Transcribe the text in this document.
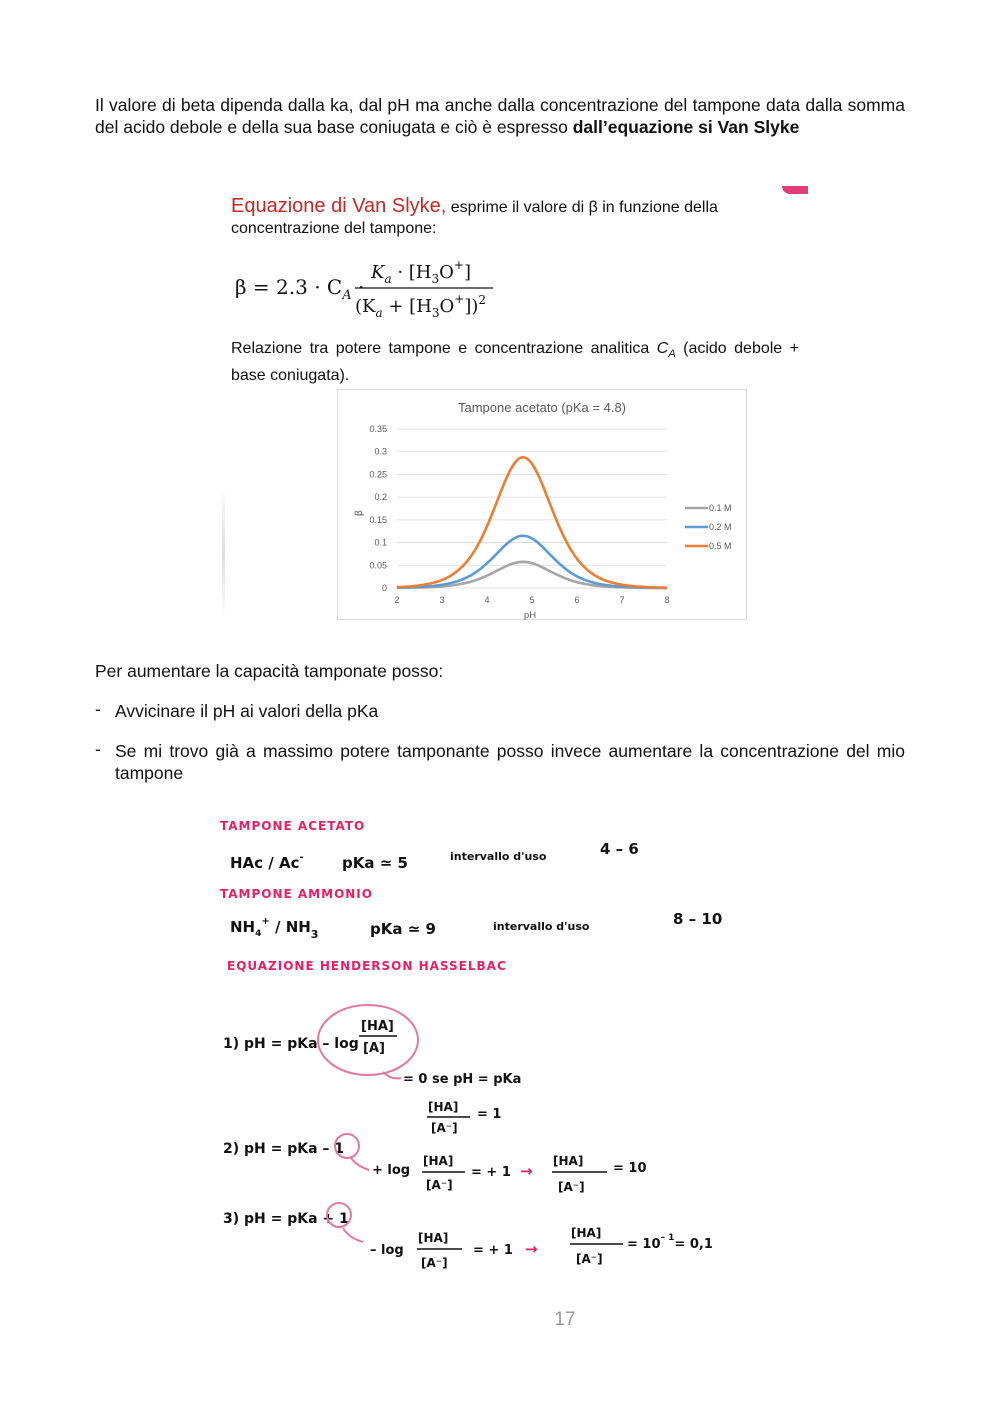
Il valore di beta dipenda dalla ka, dal pH ma anche dalla concentrazione del tampone data dalla somma del acido debole e della sua base coniugata e ciò è espresso dall’equazione si Van Slyke
Equazione di Van Slyke, esprime il valore di β in funzione della
concentrazione del tampone:
$\beta = 2.3 \cdot C_A$ ·
$K_a \cdot [H_3O^+]$
$(K_a + [H_3O^+])^2$
Relazione tra potere tampone e concentrazione analitica $C_A$ (acido debole + base coniugata).
Tampone acetato (pKa = 4.8)
0
0.05
0.1
0.15
0.2
0.25
0.3
0.35
2	3	4	5	6	7	8
0.1 M
0.2 M
0.5 M
β
pH
Per aumentare la capacità tamponate posso:
- Avvicinare il pH ai valori della pKa
- Se mi trovo già a massimo potere tamponante posso invece aumentare la concentrazione del mio tampone
TAMPONE ACETATO
HAc / Ac-	pKa ≃ 5	intervallo d'uso	4 – 6
TAMPONE AMMONIO
$NH_4^+ / NH_3$	pKa ≃ 9	intervallo d'uso	8 – 10
EQUAZIONE HENDERSON HASSELBAC
1) pH = pKa – log
[HA]
[A]
= 0 se pH = pKa
[HA]
[A⁻]
= 1
2) pH = pKa – 1
+ log
[HA]
[A⁻]
= + 1 →
[HA]
[A⁻]
= 10
3) pH = pKa + 1
– log
[HA]
[A⁻]
= + 1 →
[HA]
[A⁻]
= $10^{- 1}= 0,1$
17
